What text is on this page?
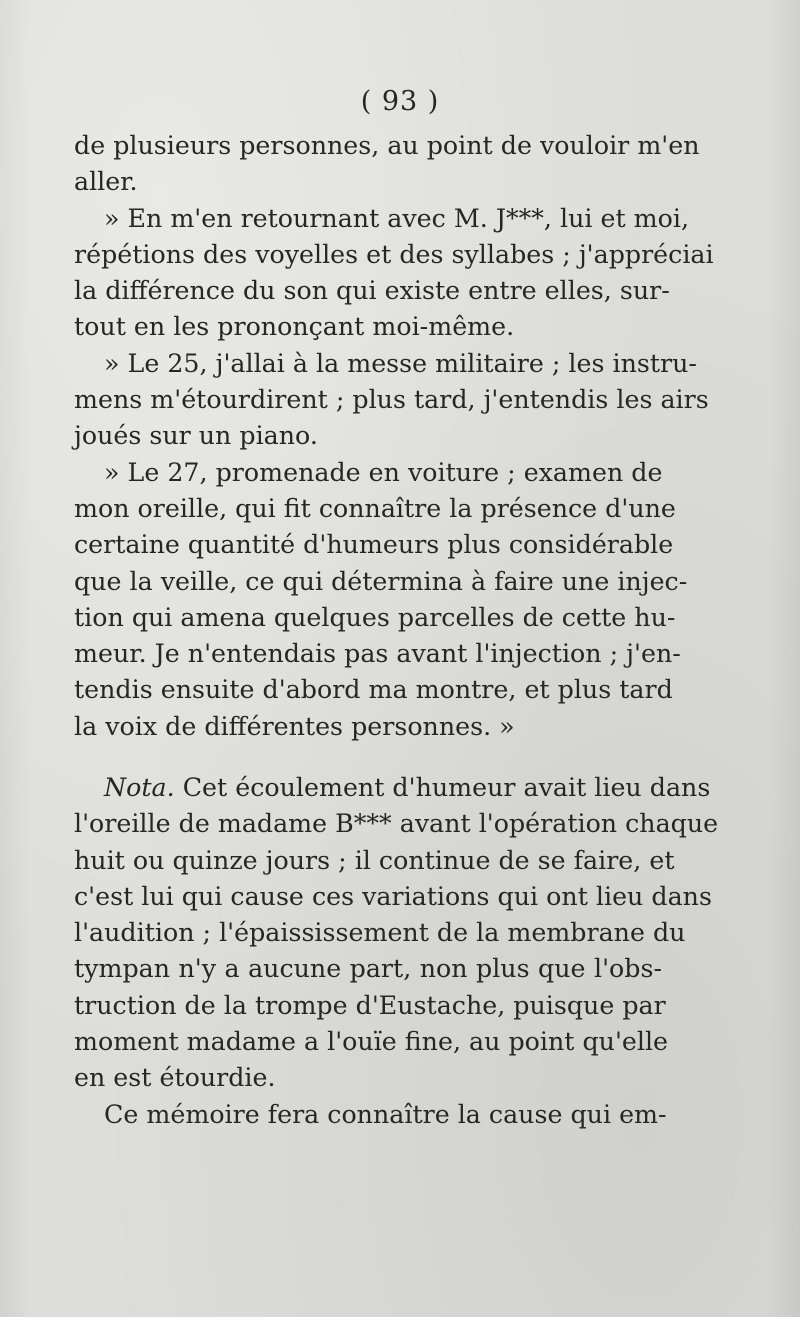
( 93 )
de plusieurs personnes, au point de vouloir m'en
aller.
» En m'en retournant avec M. J***, lui et moi,
répétions des voyelles et des syllabes ; j'appréciai
la différence du son qui existe entre elles, sur-
tout en les prononçant moi-même.
» Le 25, j'allai à la messe militaire ; les instru-
mens m'étourdirent ; plus tard, j'entendis les airs
joués sur un piano.
» Le 27, promenade en voiture ; examen de
mon oreille, qui fit connaître la présence d'une
certaine quantité d'humeurs plus considérable
que la veille, ce qui détermina à faire une injec-
tion qui amena quelques parcelles de cette hu-
meur. Je n'entendais pas avant l'injection ; j'en-
tendis ensuite d'abord ma montre, et plus tard
la voix de différentes personnes. »
Nota. Cet écoulement d'humeur avait lieu dans
l'oreille de madame B*** avant l'opération chaque
huit ou quinze jours ; il continue de se faire, et
c'est lui qui cause ces variations qui ont lieu dans
l'audition ; l'épaississement de la membrane du
tympan n'y a aucune part, non plus que l'obs-
truction de la trompe d'Eustache, puisque par
moment madame a l'ouïe fine, au point qu'elle
en est étourdie.
Ce mémoire fera connaître la cause qui em-
